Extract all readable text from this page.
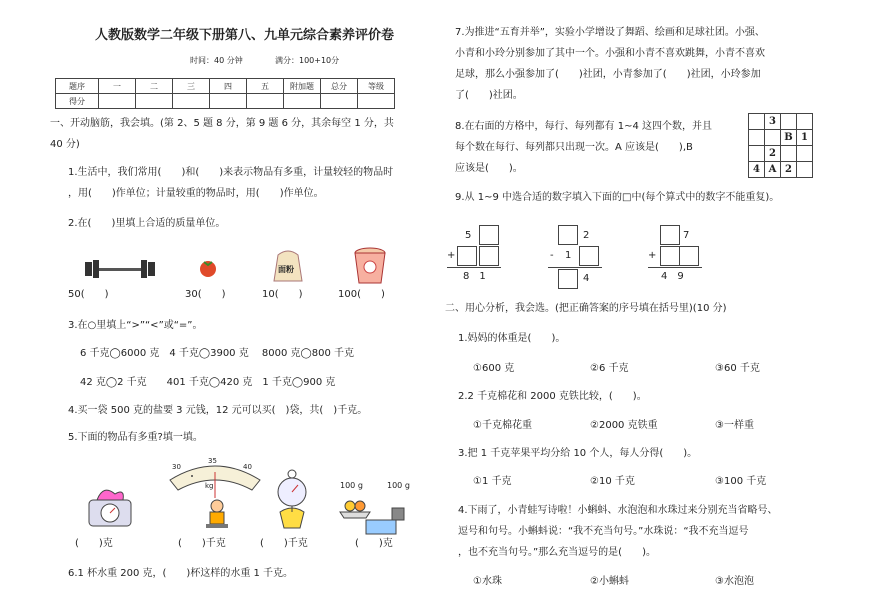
人教版数学二年级下册第八、九单元综合素养评价卷
时间：40 分钟	满分：100+10分
题序	一	二	三	四	五	附加题	总分	等级
得分								
一、开动脑筋，我会填。(第 2、5 题 8 分，第 9 题 6 分，其余每空 1 分，共
40 分)
1.生活中，我们常用(　　)和(　　)来表示物品有多重，计量较轻的物品时
，用(　　)作单位；计量较重的物品时，用(　　)作单位。
2.在(　　)里填上合适的质量单位。
面粉
50(　　)	30(　　)	10(　　)	100(　　)
3.在○里填上“>”“<”或“=”。
6 千克◯6000 克　4 千克◯3900 克　 8000 克◯800 千克
42 克◯2 千克　　401 千克◯420 克　1 千克◯900 克
4.买一袋 500 克的盐要 3 元钱，12 元可以买(　)袋，共(　)千克。
5.下面的物品有多重?填一填。
30
35
40
kg	100 g	100 g
(　　)克	(　　)千克	(　　)千克	(　　)克
6.1 杯水重 200 克，(　　)杯这样的水重 1 千克。
7.为推进“五育并举”，实验小学增设了舞蹈、绘画和足球社团。小强、
小青和小玲分别参加了其中一个。小强和小青不喜欢跳舞，小青不喜欢
足球，那么小强参加了(　　)社团，小青参加了(　　)社团，小玲参加
了(　　)社团。
8.在右面的方格中，每行、每列都有 1~4 这四个数，并且
每个数在每行、每列都只出现一次。A 应该是(　　),B
应该是(　　)。
	3		
		B	1
	2		
4	A	2	
9.从 1~9 中选合适的数字填入下面的□中(每个算式中的数字不能重复)。
5
+
8　1
2
- 1
4
7
+
4　9
二、用心分析，我会选。(把正确答案的序号填在括号里)(10 分)
1.妈妈的体重是(　　)。
①600 克	②6 千克	③60 千克
2.2 千克棉花和 2000 克铁比较，(　　)。
①千克棉花重	②2000 克铁重	③一样重
3.把 1 千克苹果平均分给 10 个人，每人分得(　　)。
①1 千克	②10 千克	③100 千克
4.下雨了，小青蛙写诗啦！小蝌蚪、水泡泡和水珠过来分别充当省略号、
逗号和句号。小蝌蚪说：“我不充当句号。”水珠说：“我不充当逗号
，也不充当句号。”那么充当逗号的是(　　)。
①水珠	②小蝌蚪	③水泡泡
